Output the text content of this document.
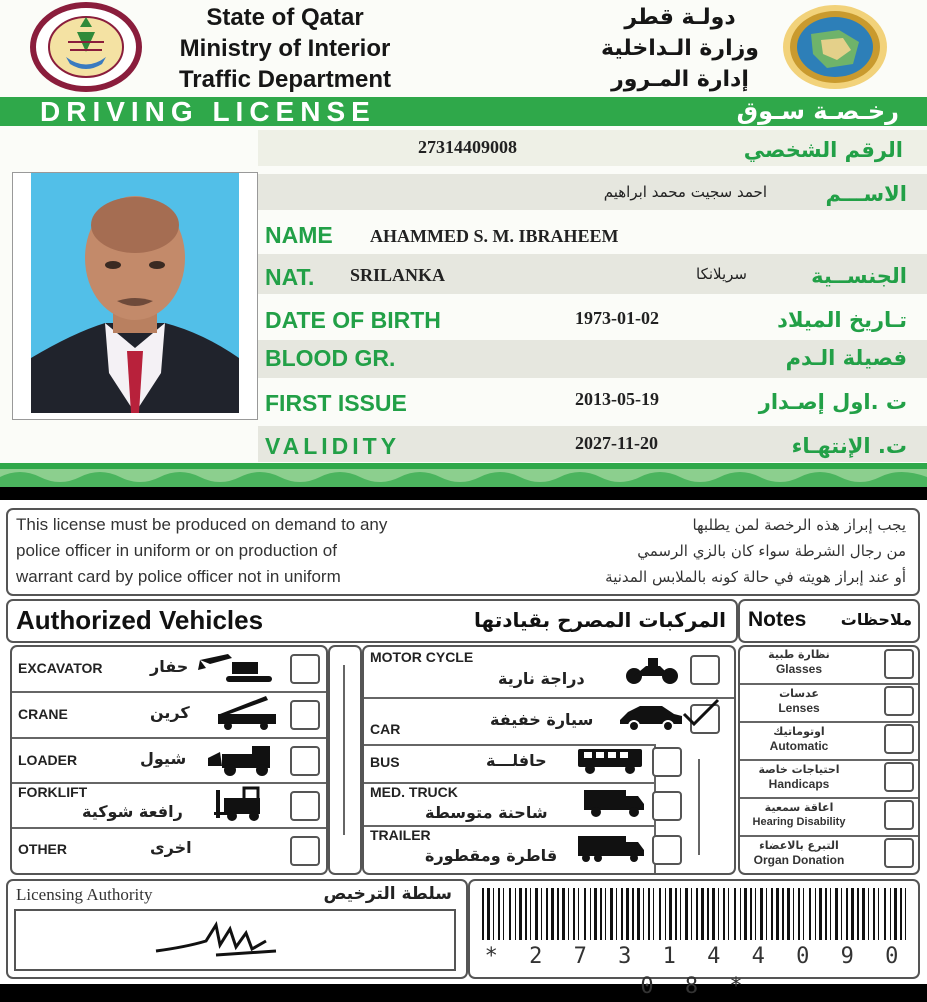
State of Qatar
Ministry of Interior
Traffic Department
دولـة قطر
وزارة الـداخلية
إدارة المـرور
DRIVING LICENSE	رخـصـة سـوق
27314409008	الرقم الشخصي
احمد سجيت محمد ابراهيم	الاســـم
NAME AHAMMED S. M. IBRAHEEM
NAT. SRILANKA	سريلانكا	الجنســية
DATE OF BIRTH	1973-01-02	تـاريخ الميلاد
BLOOD GR.	فصيلة الـدم
FIRST ISSUE	2013-05-19	ت .اول إصـدار
VALIDITY	2027-11-20	ت. الإنتهـاء
This license must be produced on demand to any
police officer in uniform or on production of
warrant card by police officer not in uniform
يجب إبراز هذه الرخصة لمن يطلبها
من رجال الشرطة سواء كان بالزي الرسمي
أو عند إبراز هويته في حالة كونه بالملابس المدنية
Authorized Vehicles	المركبات المصرح بقيادتها Notes ملاحظات
EXCAVATOR	حفار
CRANE	كرين
LOADER	شيول
FORKLIFT
رافعة شوكية
OTHER	اخرى
MOTOR CYCLE
دراجة نارية
CAR	سيارة خفيفة
BUS	حافلـــة
MED. TRUCK
شاحنة متوسطة
TRAILER
قاطرة ومقطورة
نظارة طبية
Glasses
عدسات
Lenses
اوتوماتيك
Automatic
احتياجات خاصة
Handicaps
اعاقة سمعية
Hearing Disability
التبرع بالاعضاء
Organ Donation
Licensing Authority	سلطة الترخيص
* 2 7 3 1 4 4 0 9 0 0 8 *
